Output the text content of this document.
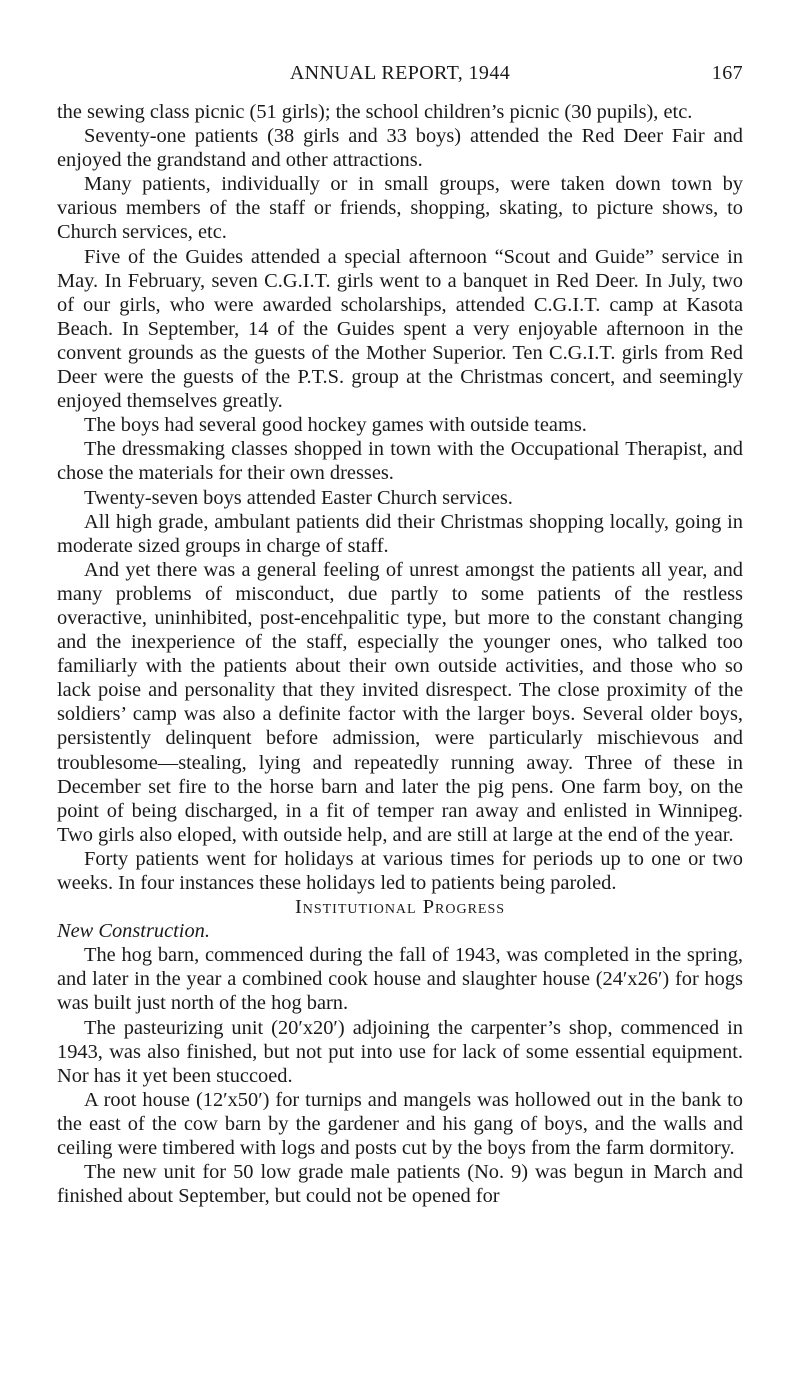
ANNUAL REPORT, 1944	167

the sewing class picnic (51 girls); the school children’s picnic (30 pupils), etc.

Seventy-one patients (38 girls and 33 boys) attended the Red Deer Fair and enjoyed the grandstand and other attractions.

Many patients, individually or in small groups, were taken down town by various members of the staff or friends, shopping, skating, to picture shows, to Church services, etc.

Five of the Guides attended a special afternoon “Scout and Guide” service in May. In February, seven C.G.I.T. girls went to a banquet in Red Deer. In July, two of our girls, who were awarded scholarships, attended C.G.I.T. camp at Kasota Beach. In September, 14 of the Guides spent a very enjoyable afternoon in the convent grounds as the guests of the Mother Superior. Ten C.G.I.T. girls from Red Deer were the guests of the P.T.S. group at the Christmas concert, and seemingly enjoyed themselves greatly.

The boys had several good hockey games with outside teams.

The dressmaking classes shopped in town with the Occupational Therapist, and chose the materials for their own dresses.

Twenty-seven boys attended Easter Church services.

All high grade, ambulant patients did their Christmas shopping locally, going in moderate sized groups in charge of staff.

And yet there was a general feeling of unrest amongst the patients all year, and many problems of misconduct, due partly to some patients of the restless overactive, uninhibited, post-encehpalitic type, but more to the constant changing and the inexperience of the staff, especially the younger ones, who talked too familiarly with the patients about their own outside activities, and those who so lack poise and personality that they invited disrespect. The close proximity of the soldiers’ camp was also a definite factor with the larger boys. Several older boys, persistently delinquent before admission, were particularly mischievous and troublesome—stealing, lying and repeatedly running away. Three of these in December set fire to the horse barn and later the pig pens. One farm boy, on the point of being discharged, in a fit of temper ran away and enlisted in Winnipeg. Two girls also eloped, with outside help, and are still at large at the end of the year.

Forty patients went for holidays at various times for periods up to one or two weeks. In four instances these holidays led to patients being paroled.

Institutional Progress
New Construction.

The hog barn, commenced during the fall of 1943, was completed in the spring, and later in the year a combined cook house and slaughter house (24′x26′) for hogs was built just north of the hog barn.

The pasteurizing unit (20′x20′) adjoining the carpenter’s shop, commenced in 1943, was also finished, but not put into use for lack of some essential equipment. Nor has it yet been stuccoed.

A root house (12′x50′) for turnips and mangels was hollowed out in the bank to the east of the cow barn by the gardener and his gang of boys, and the walls and ceiling were timbered with logs and posts cut by the boys from the farm dormitory.

The new unit for 50 low grade male patients (No. 9) was begun in March and finished about September, but could not be opened for
